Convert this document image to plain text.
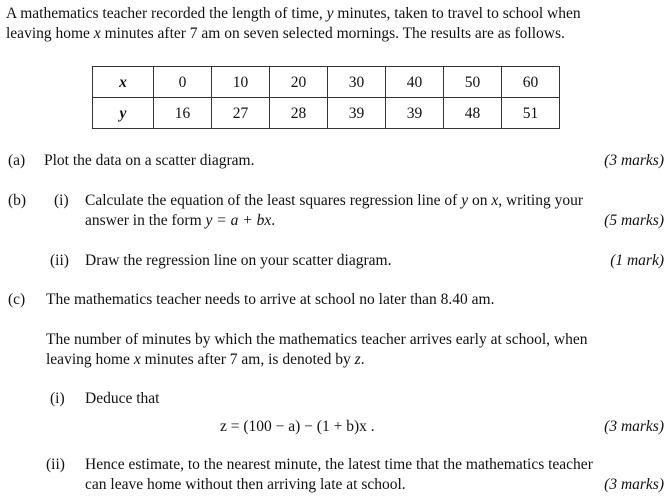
A mathematics teacher recorded the length of time, y minutes, taken to travel to school when
leaving home x minutes after 7 am on seven selected mornings. The results are as follows.
x	0	10	20	30	40	50	60
y	16	27	28	39	39	48	51
(a) Plot the data on a scatter diagram.	(3 marks)
(b) (i) Calculate the equation of the least squares regression line of y on x, writing your
answer in the form y = a + bx.	(5 marks)
(ii) Draw the regression line on your scatter diagram.	(1 mark)
(c) The mathematics teacher needs to arrive at school no later than 8.40 am.
The number of minutes by which the mathematics teacher arrives early at school, when
leaving home x minutes after 7 am, is denoted by z.
(i) Deduce that
z = (100 − a) − (1 + b)x .	(3 marks)
(ii) Hence estimate, to the nearest minute, the latest time that the mathematics teacher
can leave home without then arriving late at school.	(3 marks)
